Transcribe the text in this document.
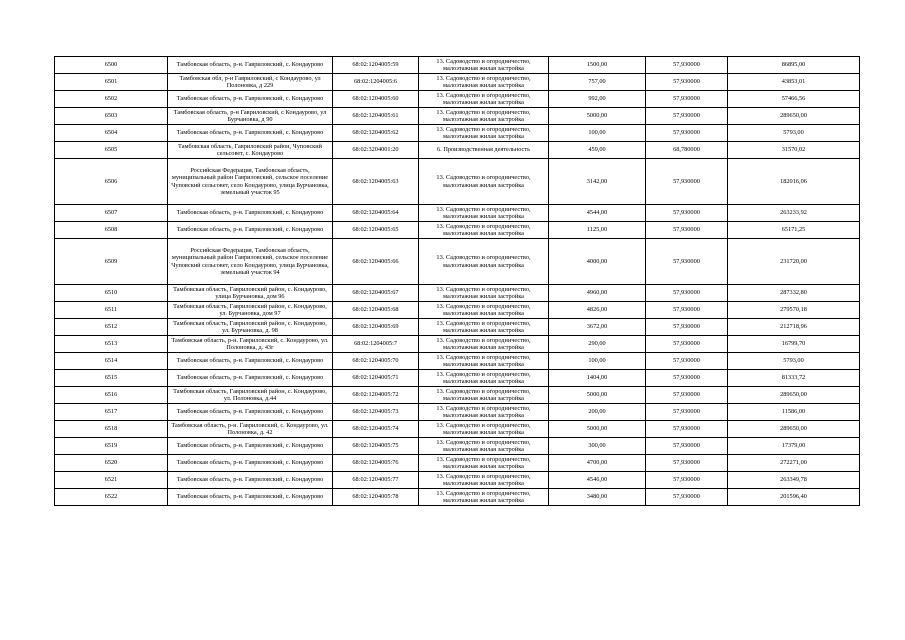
6500	Тамбовская область, р-н. Гавриловский, с. Кондаурово	68:02:1204005:59	13. Садоводство и огородничество, малоэтажная жилая застройка	1500,00	57,930000	86895,00
6501	Тамбовская обл, р-н Гавриловский, с Кондаурово, ул Полоновка, д 229	68:02:1204005:6	13. Садоводство и огородничество, малоэтажная жилая застройка	757,00	57,930000	43853,01
6502	Тамбовская область, р-н. Гавриловский, с. Кондаурово	68:02:1204005:60	13. Садоводство и огородничество, малоэтажная жилая застройка	992,00	57,930000	57466,56
6503	Тамбовская область, р-н Гавриловский, с Кондаурово, ул Бурчановка, д 90	68:02:1204005:61	13. Садоводство и огородничество, малоэтажная жилая застройка	5000,00	57,930000	289650,00
6504	Тамбовская область, р-н. Гавриловский, с. Кондаурово	68:02:1204005:62	13. Садоводство и огородничество, малоэтажная жилая застройка	100,00	57,930000	5793,00
6505	Тамбовская область, Гавриловский район, Чуповский сельсовет, с. Кондаурово	68:02:3204001:20	6. Производственная деятельность	459,00	68,780000	31570,02
6506	Российская Федерация, Тамбовская область, муниципальный район Гавриловский, сельское поселение Чуповский сельсовет, село Кондаурово, улица Бурчановка, земельный участок 95	68:02:1204005:63	13. Садоводство и огородничество, малоэтажная жилая застройка	3142,00	57,930000	182016,06
6507	Тамбовская область, р-н. Гавриловский, с. Кондаурово	68:02:1204005:64	13. Садоводство и огородничество, малоэтажная жилая застройка	4544,00	57,930000	263233,92
6508	Тамбовская область, р-н. Гавриловский, с. Кондаурово	68:02:1204005:65	13. Садоводство и огородничество, малоэтажная жилая застройка	1125,00	57,930000	65171,25
6509	Российская Федерация, Тамбовская область, муниципальный район Гавриловский, сельское поселение Чуповский сельсовет, село Кондаурово, улица Бурчановка, земельный участок 94	68:02:1204005:66	13. Садоводство и огородничество, малоэтажная жилая застройка	4000,00	57,930000	231720,00
6510	Тамбовская область, Гавриловский район, с. Кондаурово, улица Бурчановка, дом 96	68:02:1204005:67	13. Садоводство и огородничество, малоэтажная жилая застройка	4960,00	57,930000	287332,80
6511	Тамбовская область, Гавриловский район, с. Кондаурово, ул. Бурчановка, дом 97	68:02:1204005:68	13. Садоводство и огородничество, малоэтажная жилая застройка	4826,00	57,930000	279570,18
6512	Тамбовская область, Гавриловский район, с. Кондаурово, ул. Бурчановка, д. 98	68:02:1204005:69	13. Садоводство и огородничество, малоэтажная жилая застройка	3672,00	57,930000	212718,96
6513	Тамбовская область, р-н. Гавриловский, с. Кондаурово, ул. Полоновка, д. 43г	68:02:1204005:7	13. Садоводство и огородничество, малоэтажная жилая застройка	290,00	57,930000	16799,70
6514	Тамбовская область, р-н. Гавриловский, с. Кондаурово	68:02:1204005:70	13. Садоводство и огородничество, малоэтажная жилая застройка	100,00	57,930000	5793,00
6515	Тамбовская область, р-н. Гавриловский, с. Кондаурово	68:02:1204005:71	13. Садоводство и огородничество, малоэтажная жилая застройка	1404,00	57,930000	81333,72
6516	Тамбовская область, Гавриловский район, с. Кондаурово, ул. Полоновка, д.44	68:02:1204005:72	13. Садоводство и огородничество, малоэтажная жилая застройка	5000,00	57,930000	289650,00
6517	Тамбовская область, р-н. Гавриловский, с. Кондаурово	68:02:1204005:73	13. Садоводство и огородничество, малоэтажная жилая застройка	200,00	57,930000	11586,00
6518	Тамбовская область, р-н. Гавриловский, с. Кондаурово, ул. Полоновка, д. 42	68:02:1204005:74	13. Садоводство и огородничество, малоэтажная жилая застройка	5000,00	57,930000	289650,00
6519	Тамбовская область, р-н. Гавриловский, с. Кондаурово	68:02:1204005:75	13. Садоводство и огородничество, малоэтажная жилая застройка	300,00	57,930000	17379,00
6520	Тамбовская область, р-н. Гавриловский, с. Кондаурово	68:02:1204005:76	13. Садоводство и огородничество, малоэтажная жилая застройка	4700,00	57,930000	272271,00
6521	Тамбовская область, р-н. Гавриловский, с. Кондаурово	68:02:1204005:77	13. Садоводство и огородничество, малоэтажная жилая застройка	4546,00	57,930000	263349,78
6522	Тамбовская область, р-н. Гавриловский, с. Кондаурово	68:02:1204005:78	13. Садоводство и огородничество, малоэтажная жилая застройка	3480,00	57,930000	201596,40
